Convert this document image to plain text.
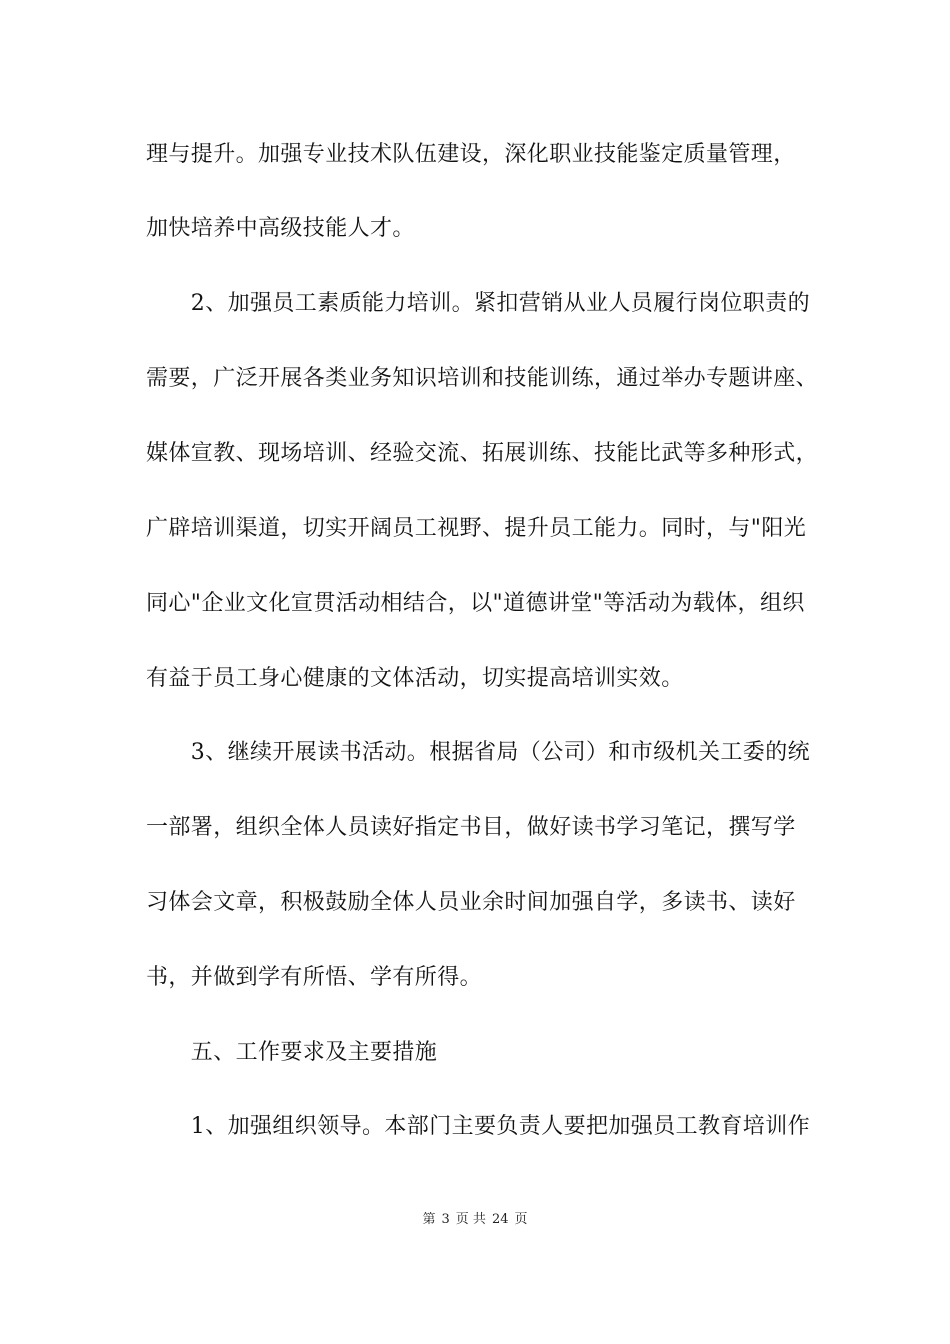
理与提升。加强专业技术队伍建设，深化职业技能鉴定质量管理，
加快培养中高级技能人才。
　　2、加强员工素质能力培训。紧扣营销从业人员履行岗位职责的
需要，广泛开展各类业务知识培训和技能训练，通过举办专题讲座、
媒体宣教、现场培训、经验交流、拓展训练、技能比武等多种形式，
广辟培训渠道，切实开阔员工视野、提升员工能力。同时，与"阳光
同心"企业文化宣贯活动相结合，以"道德讲堂"等活动为载体，组织
有益于员工身心健康的文体活动，切实提高培训实效。
　　3、继续开展读书活动。根据省局（公司）和市级机关工委的统
一部署，组织全体人员读好指定书目，做好读书学习笔记，撰写学
习体会文章，积极鼓励全体人员业余时间加强自学，多读书、读好
书，并做到学有所悟、学有所得。
　　五、工作要求及主要措施
　　1、加强组织领导。本部门主要负责人要把加强员工教育培训作
第 3 页 共 24 页
